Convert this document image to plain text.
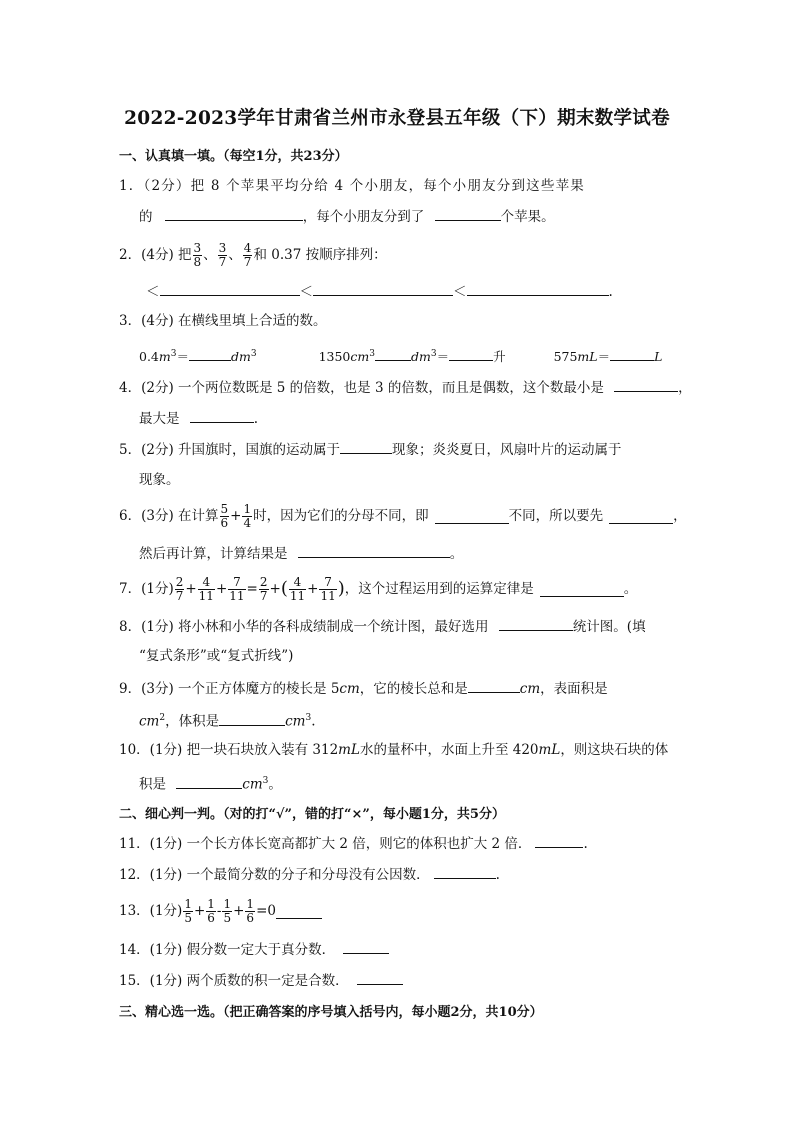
2022-2023学年甘肃省兰州市永登县五年级（下）期末数学试卷
一、认真填一填。（每空1分，共23分）
1．（2分）把 8 个苹果平均分给 4 个小朋友，每个小朋友分到这些苹果
的	，每个小朋友分到了	个苹果。
2．(4分) 把 $\frac{3}{8}$ 、 $\frac{3}{7}$ 、 $\frac{4}{7}$ 和 0.37 按顺序排列：
＜	＜	＜	.
3．(4分) 在横线里填上合适的数。
$0.4m^3=$	$dm^3$	$1350cm^3$	$dm^3=$	升	575mL＝	L
4．(2分) 一个两位数既是 5 的倍数，也是 3 的倍数，而且是偶数，这个数最小是	，
最大是	.
5．(2分) 升国旗时，国旗的运动属于	现象；炎炎夏日，风扇叶片的运动属于
现象。
6．(3分) 在计算 $\frac{5}{6} + \frac{1}{4}$ 时，因为它们的分母不同，即	不同，所以要先	，
然后再计算，计算结果是	。
7．(1分) $\frac{2}{7} + \frac{4}{11} + \frac{7}{11} = \frac{2}{7}$ + ( $\frac{4}{11} + \frac{7}{11}$ ) ，这个过程运用到的运算定律是	。
8．(1分) 将小林和小华的各科成绩制成一个统计图，最好选用	统计图。(填
“复式条形”或“复式折线”)
9．(3分) 一个正方体魔方的棱长是 5cm，它的棱长总和是	cm，表面积是
$cm^2$，体积是	$cm^3$.
10．(1分) 把一块石块放入装有 312mL水的量杯中，水面上升至 420mL，则这块石块的体
积是	$cm^3$。
二、细心判一判。（对的打“√”，错的打“×”，每小题1分，共5分）
11．(1分) 一个长方体长宽高都扩大 2 倍，则它的体积也扩大 2 倍．	.
12．(1分) 一个最简分数的分子和分母没有公因数．	.
13．(1分) $\frac{1}{5} + \frac{1}{6} - \frac{1}{5} + \frac{1}{6} =0$
14．(1分) 假分数一定大于真分数．
15．(1分) 两个质数的积一定是合数．
三、精心选一选。（把正确答案的序号填入括号内，每小题2分，共10分）
